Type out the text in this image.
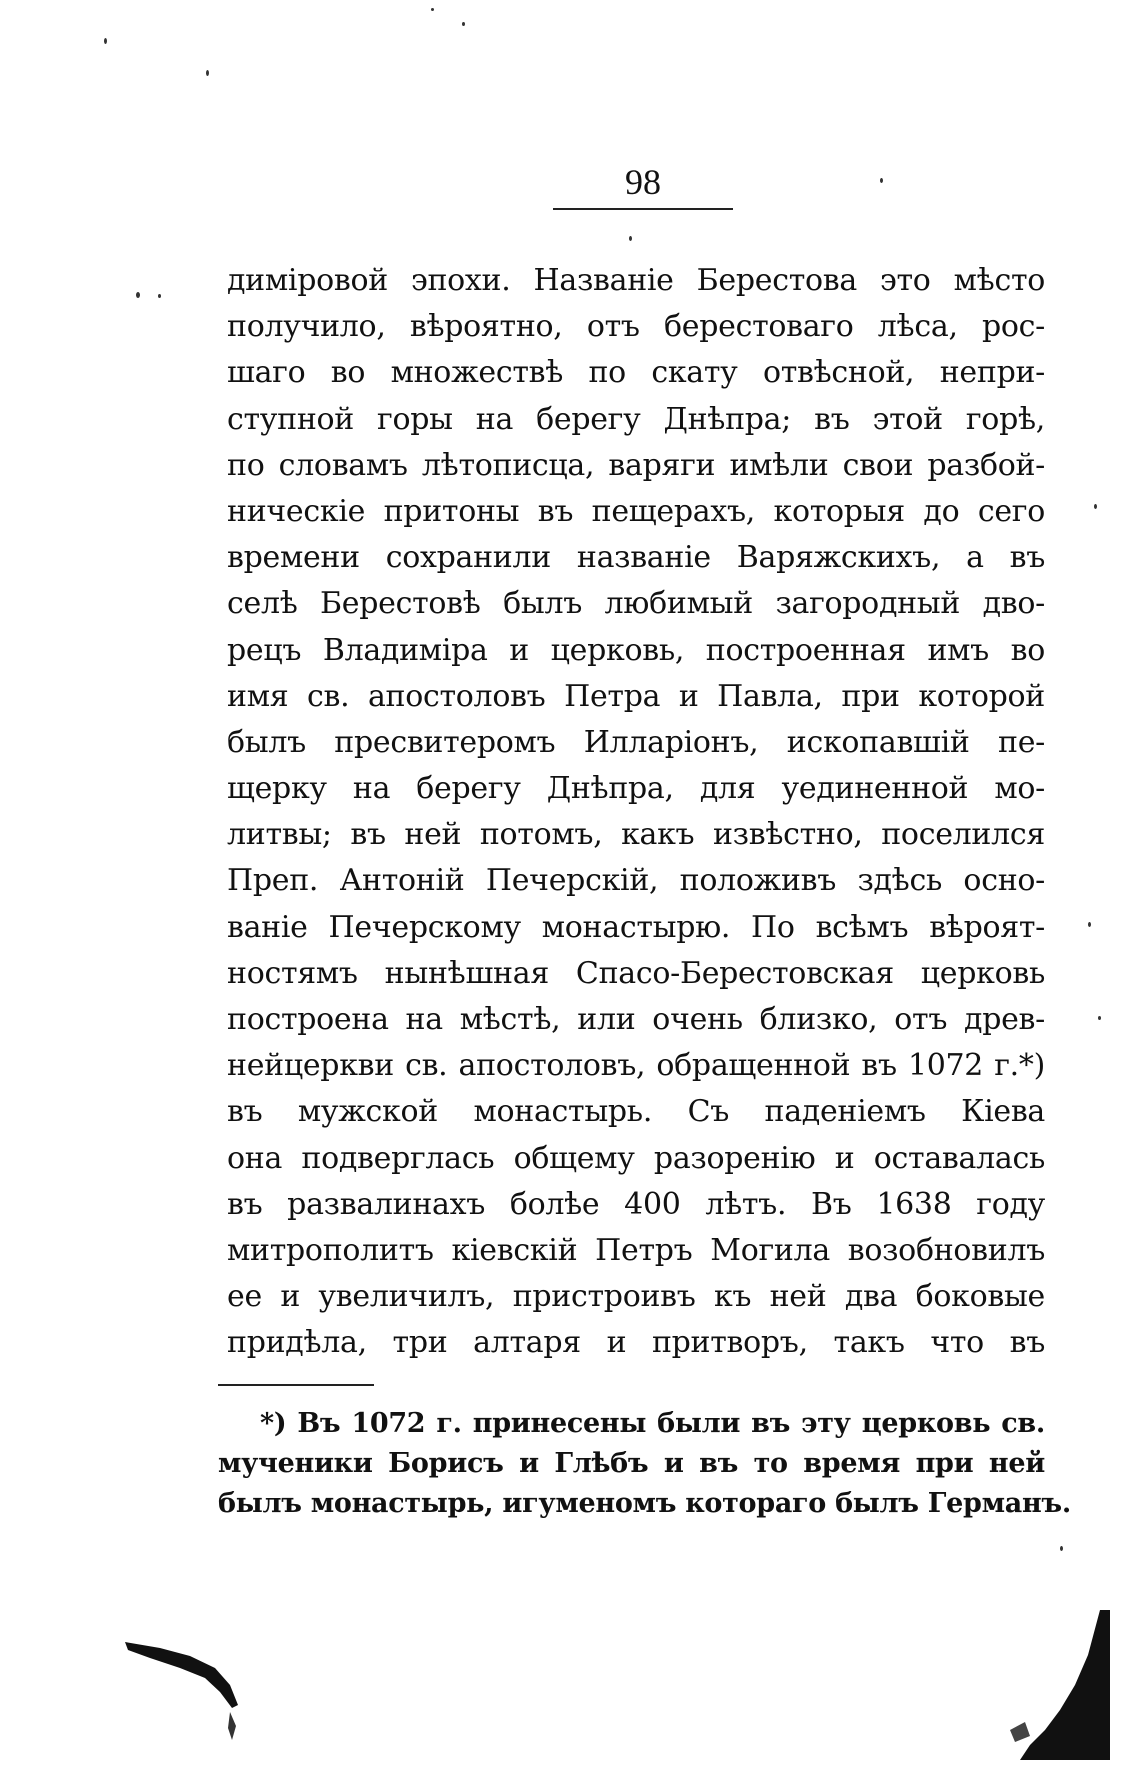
98
димірoвой эпохи. Названіе Берестова это мѣсто
получило, вѣроятно, отъ берестоваго лѣса, рос-
шаго во множествѣ по скату отвѣсной, непри-
ступной горы на берегу Днѣпра; въ этой горѣ,
по словамъ лѣтописца, варяги имѣли свои разбой-
ническіе притоны въ пещерахъ, которыя до сего
времени сохранили названіе Варяжскихъ, а въ
селѣ Берестовѣ былъ любимый загородный дво-
рецъ Владиміра и церковь, построенная имъ во
имя св. апостоловъ Петра и Павла, при которой
былъ пресвитеромъ Илларіонъ, ископавшій пе-
щерку на берегу Днѣпра, для уединенной мо-
литвы; въ ней потомъ, какъ извѣстно, поселился
Преп. Антоній Печерскій, положивъ здѣсь осно-
ваніе Печерскому монастырю. По всѣмъ вѣроят-
ностямъ нынѣшная Спасо-Берестовская церковь
построена на мѣстѣ, или очень близко, отъ древ-
нейцеркви св. апостоловъ, обращенной въ 1072 г.*)
въ мужской монастырь. Съ паденіемъ Кіева
она подверглась общему разоренію и оставалась
въ развалинахъ болѣе 400 лѣтъ. Въ 1638 году
митрополитъ кіевскій Петръ Могила возобновилъ
ее и увеличилъ, пристроивъ къ ней два боковые
придѣла, три алтаря и притворъ, такъ что въ
*) Въ 1072 г. принесены были въ эту церковь св.
мученики Борисъ и Глѣбъ и въ то время при ней
былъ монастырь, игуменомъ котораго былъ Германъ.
